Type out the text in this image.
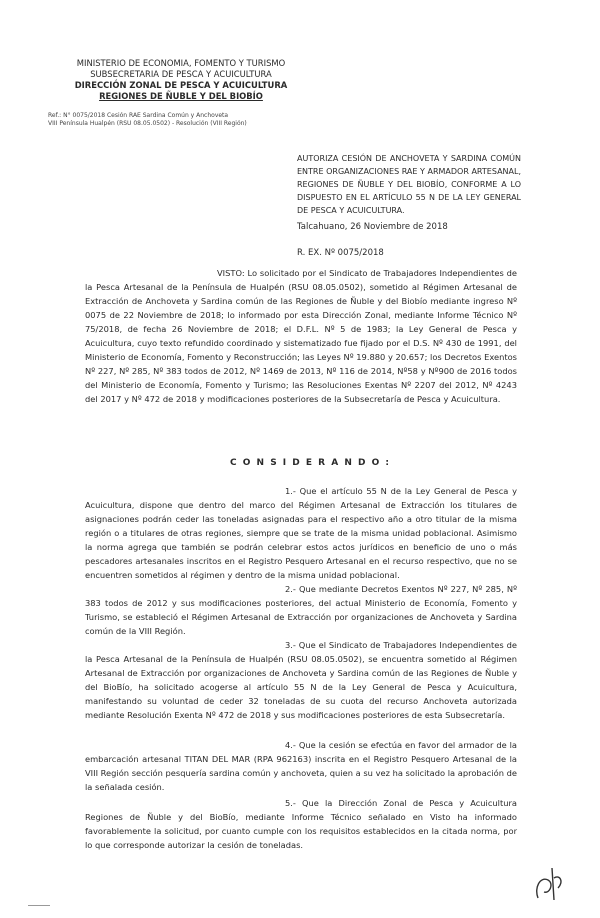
MINISTERIO DE ECONOMIA, FOMENTO Y TURISMO
SUBSECRETARIA DE PESCA Y ACUICULTURA
DIRECCIÓN ZONAL DE PESCA Y ACUICULTURA
REGIONES DE ÑUBLE Y DEL BIOBÍO
Ref.: N° 0075/2018 Cesión RAE Sardina Común y Anchoveta
VIII Península Hualpén (RSU 08.05.0502) - Resolución (VIII Región)

AUTORIZA CESIÓN DE ANCHOVETA Y SARDINA COMÚN ENTRE ORGANIZACIONES RAE Y ARMADOR ARTESANAL, REGIONES DE ÑUBLE Y DEL BIOBÍO, CONFORME A LO DISPUESTO EN EL ARTÍCULO 55 N DE LA LEY GENERAL DE PESCA Y ACUICULTURA.

Talcahuano, 26 Noviembre de 2018
R. EX. Nº 0075/2018

VISTO: Lo solicitado por el Sindicato de Trabajadores Independientes de la Pesca Artesanal de la Península de Hualpén (RSU 08.05.0502), sometido al Régimen Artesanal de Extracción de Anchoveta y Sardina común de las Regiones de Ñuble y del Biobío mediante ingreso Nº 0075 de 22 Noviembre de 2018; lo informado por esta Dirección Zonal, mediante Informe Técnico Nº 75/2018, de fecha 26 Noviembre de 2018; el D.F.L. Nº 5 de 1983; la Ley General de Pesca y Acuicultura, cuyo texto refundido coordinado y sistematizado fue fijado por el D.S. Nº 430 de 1991, del Ministerio de Economía, Fomento y Reconstrucción; las Leyes Nº 19.880 y 20.657; los Decretos Exentos Nº 227, Nº 285, Nº 383 todos de 2012, Nº 1469 de 2013, Nº 116 de 2014, Nº58 y Nº900 de 2016 todos del Ministerio de Economía, Fomento y Turismo; las Resoluciones Exentas Nº 2207 del 2012, Nº 4243 del 2017 y Nº 472 de 2018 y modificaciones posteriores de la Subsecretaría de Pesca y Acuicultura.

C O N S I D E R A N D O :

1.- Que el artículo 55 N de la Ley General de Pesca y Acuicultura, dispone que dentro del marco del Régimen Artesanal de Extracción los titulares de asignaciones podrán ceder las toneladas asignadas para el respectivo año a otro titular de la misma región o a titulares de otras regiones, siempre que se trate de la misma unidad poblacional. Asimismo la norma agrega que también se podrán celebrar estos actos jurídicos en beneficio de uno o más pescadores artesanales inscritos en el Registro Pesquero Artesanal en el recurso respectivo, que no se encuentren sometidos al régimen y dentro de la misma unidad poblacional.

2.- Que mediante Decretos Exentos Nº 227, Nº 285, Nº 383 todos de 2012 y sus modificaciones posteriores, del actual Ministerio de Economía, Fomento y Turismo, se estableció el Régimen Artesanal de Extracción por organizaciones de Anchoveta y Sardina común de la VIII Región.

3.- Que el Sindicato de Trabajadores Independientes de la Pesca Artesanal de la Península de Hualpén (RSU 08.05.0502), se encuentra sometido al Régimen Artesanal de Extracción por organizaciones de Anchoveta y Sardina común de las Regiones de Ñuble y del BioBío, ha solicitado acogerse al artículo 55 N de la Ley General de Pesca y Acuicultura, manifestando su voluntad de ceder 32 toneladas de su cuota del recurso Anchoveta autorizada mediante Resolución Exenta Nº 472 de 2018 y sus modificaciones posteriores de esta Subsecretaría.

4.- Que la cesión se efectúa en favor del armador de la embarcación artesanal TITAN DEL MAR (RPA 962163) inscrita en el Registro Pesquero Artesanal de la VIII Región sección pesquería sardina común y anchoveta, quien a su vez ha solicitado la aprobación de la señalada cesión.

5.- Que la Dirección Zonal de Pesca y Acuicultura Regiones de Ñuble y del BioBío, mediante Informe Técnico señalado en Visto ha informado favorablemente la solicitud, por cuanto cumple con los requisitos establecidos en la citada norma, por lo que corresponde autorizar la cesión de toneladas.
